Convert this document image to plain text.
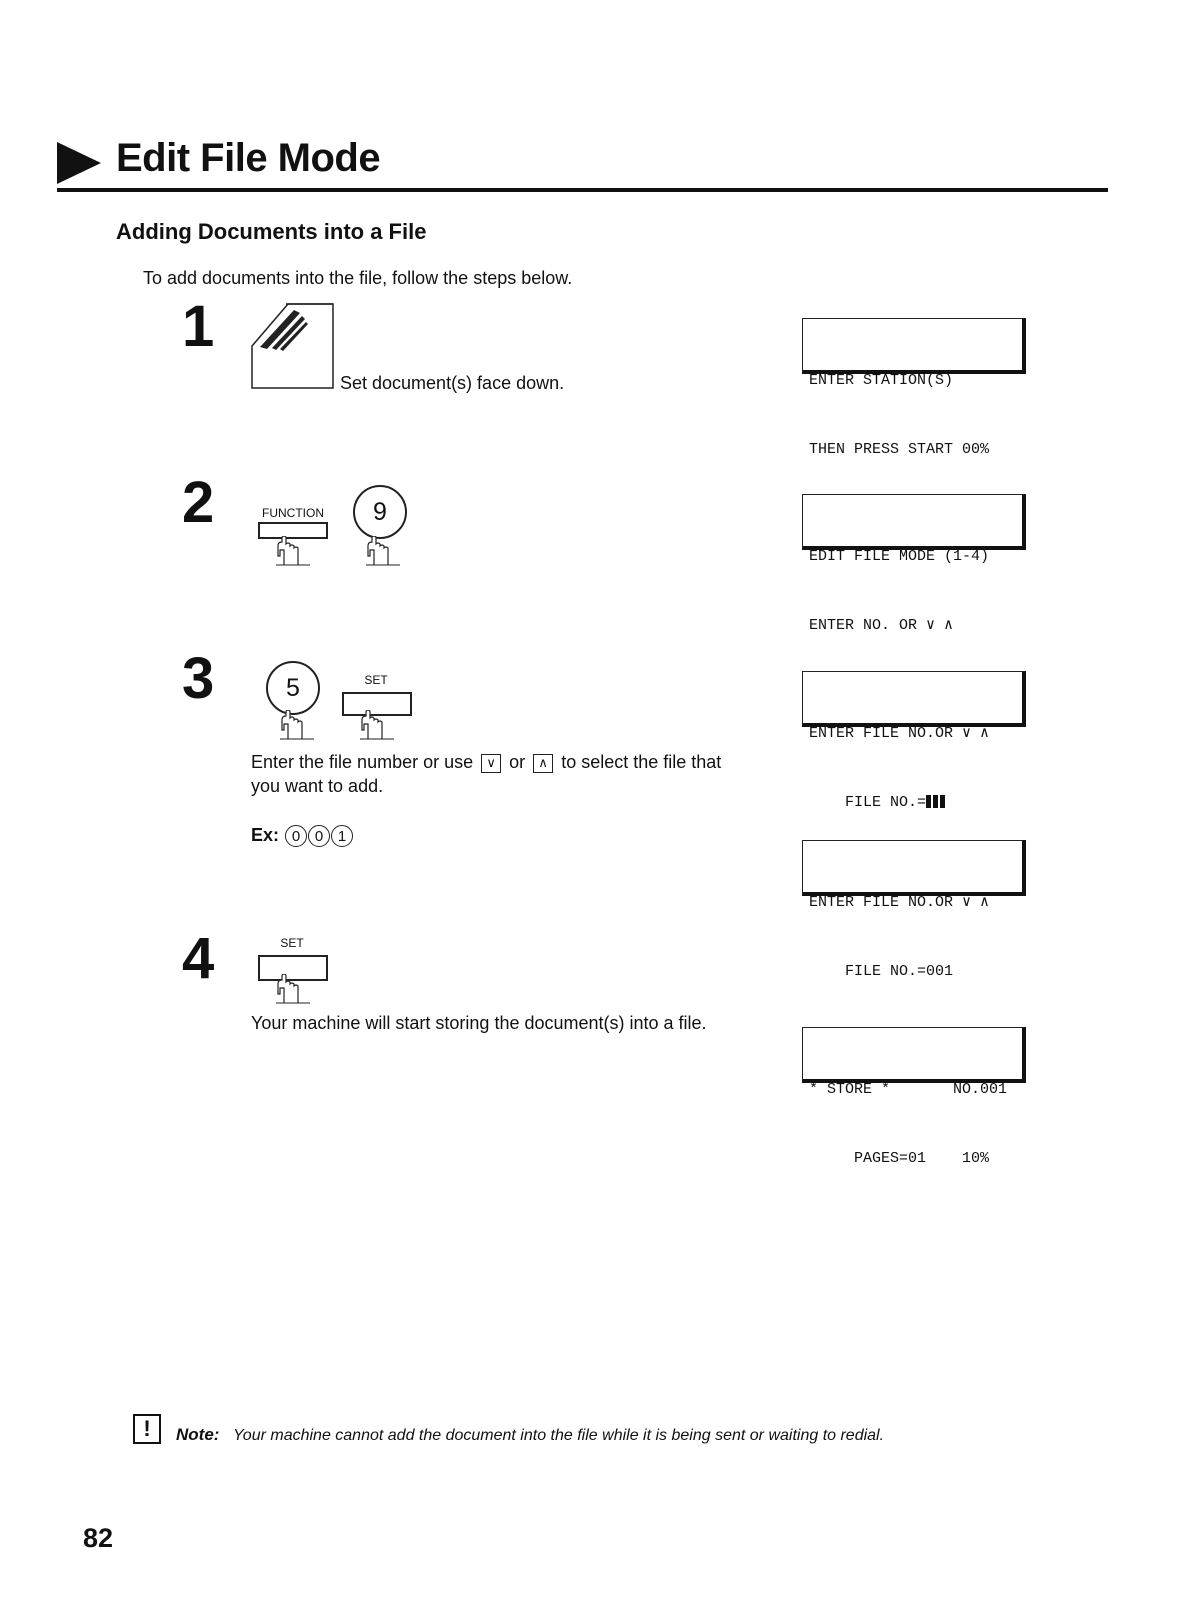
Edit File Mode
Adding Documents into a File
To add documents into the file, follow the steps below.
1
Set document(s) face down.

	ENTER STATION(S)

THEN PRESS START 00%

2	FUNCTION	9

EDIT FILE MODE (1-4)

ENTER NO. OR ∨ ∧

3	5	SET
Enter the file number or use ∨ or ∧ to select the file that
you want to add.
Ex: 0 0 1

ENTER FILE NO.OR ∨ ∧

FILE NO.=

ENTER FILE NO.OR ∨ ∧

FILE NO.=001

4	SET
Your machine will start storing the document(s) into a file.

* STORE *       NO.001

PAGES=01    10%

!	Note: Your machine cannot add the document into the file while it is being sent or waiting to redial.
82
